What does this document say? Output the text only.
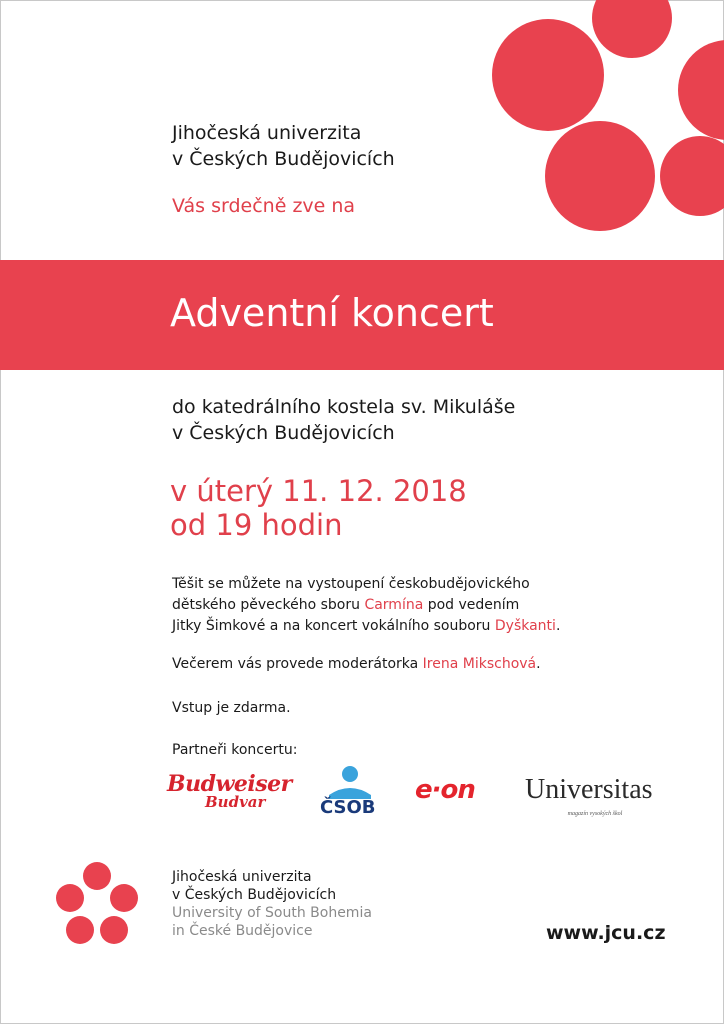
Jihočeská univerzita
v Českých Budějovicích
Vás srdečně zve na
Adventní koncert
do katedrálního kostela sv. Mikuláše
v Českých Budějovicích
v úterý 11. 12. 2018
od 19 hodin
Těšit se můžete na vystoupení českobudějovického
dětského pěveckého sboru Carmína pod vedením
Jitky Šimkové a na koncert vokálního souboru Dyškanti.
Večerem vás provede moderátorka Irena Mikschová.
Vstup je zdarma.
Partneři koncertu:
Budweiser
Budvar	ČSOB
e·on Universitas
magazín vysokých škol
Jihočeská univerzita
v Českých Budějovicích
University of South Bohemia
in České Budějovice	www.jcu.cz
